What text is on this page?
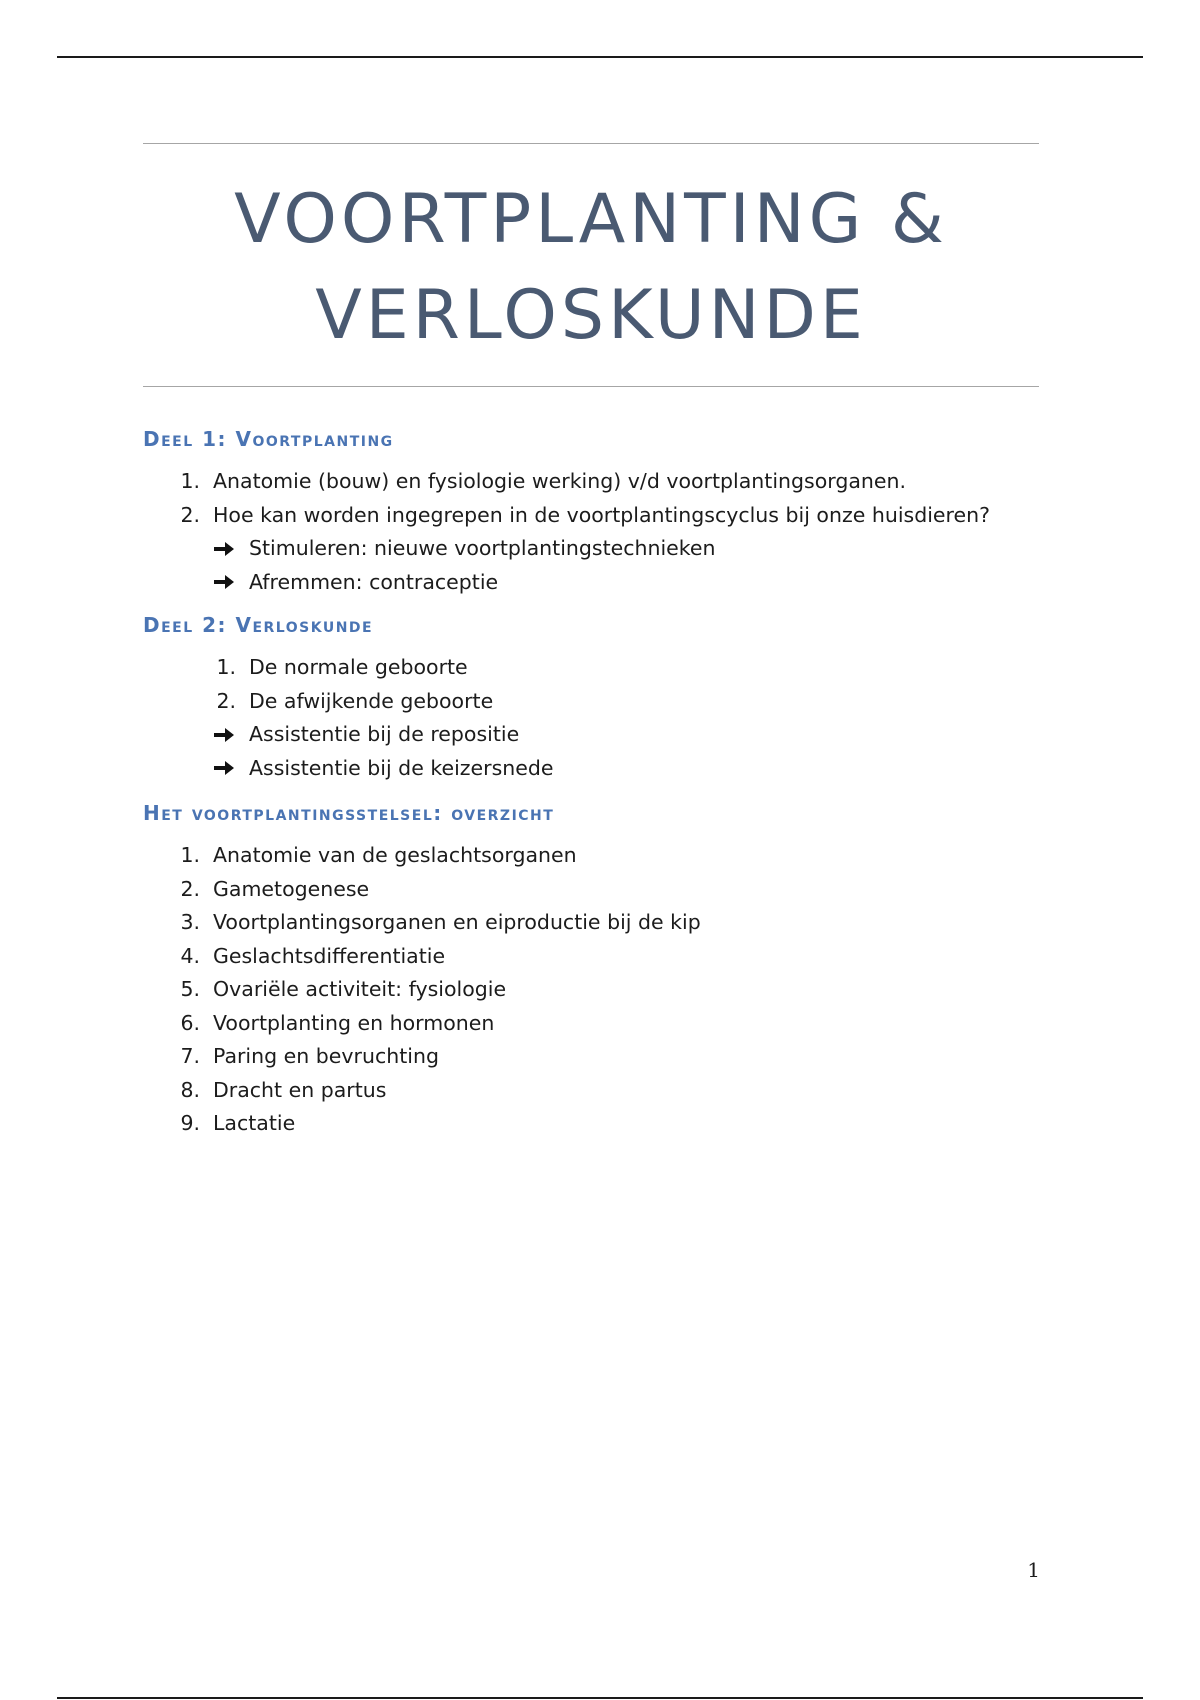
VOORTPLANTING &
VERLOSKUNDE
Deel 1: Voortplanting
1. Anatomie (bouw) en fysiologie werking) v/d voortplantingsorganen.
2. Hoe kan worden ingegrepen in de voortplantingscyclus bij onze huisdieren?
Stimuleren: nieuwe voortplantingstechnieken
Afremmen: contraceptie
Deel 2: Verloskunde
1. De normale geboorte
2. De afwijkende geboorte
Assistentie bij de repositie
Assistentie bij de keizersnede
Het voortplantingsstelsel: overzicht
1. Anatomie van de geslachtsorganen
2. Gametogenese
3. Voortplantingsorganen en eiproductie bij de kip
4. Geslachtsdifferentiatie
5. Ovariële activiteit: fysiologie
6. Voortplanting en hormonen
7. Paring en bevruchting
8. Dracht en partus
9. Lactatie
1
